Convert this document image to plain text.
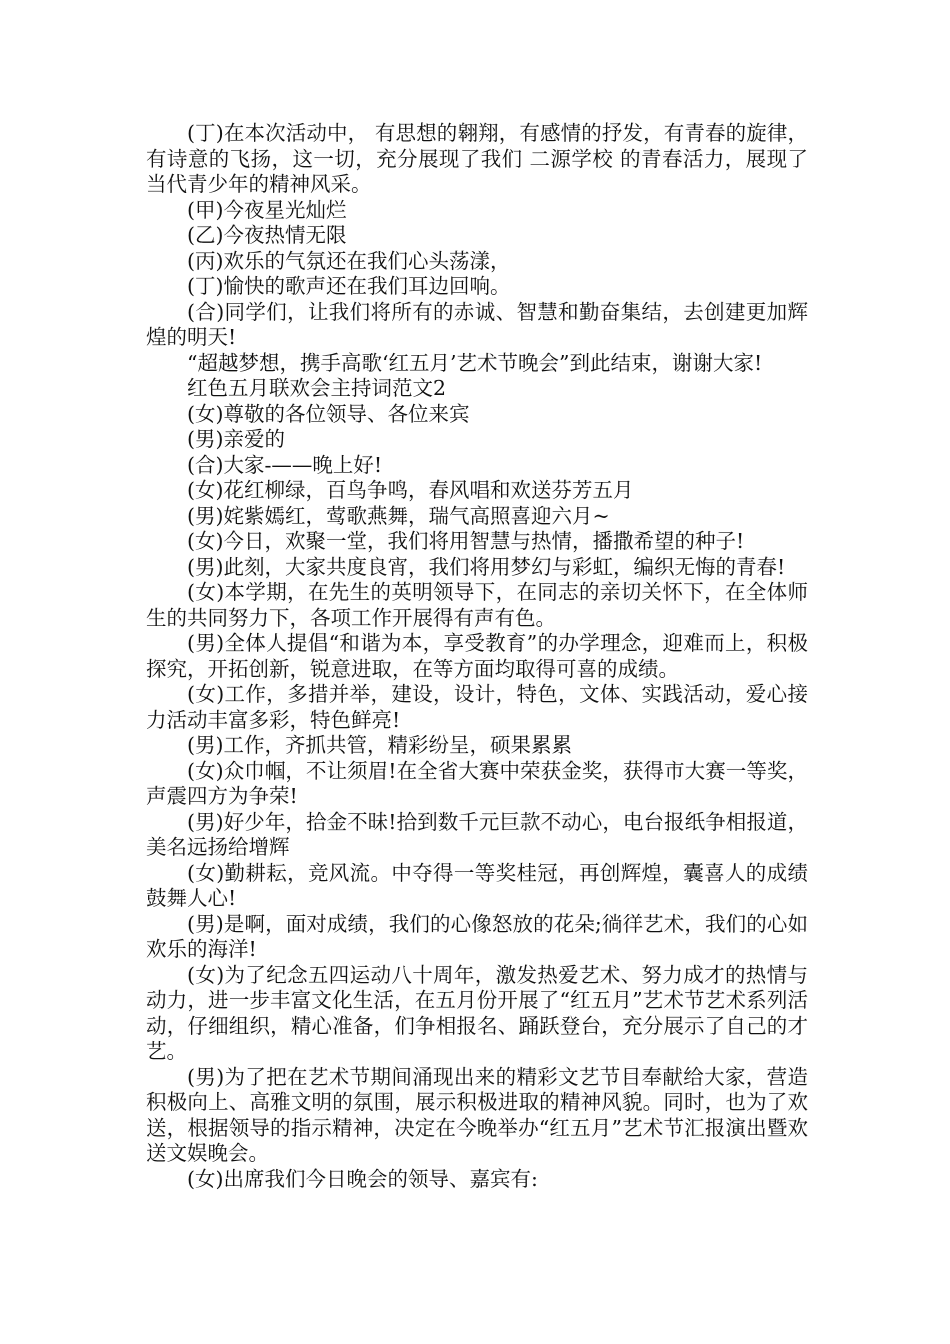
(丁)在本次活动中， 有思想的翱翔，有感情的抒发，有青春的旋律，有诗意的飞扬，这一切，充分展现了我们 二源学校 的青春活力，展现了当代青少年的精神风采。

(甲)今夜星光灿烂

(乙)今夜热情无限

(丙)欢乐的气氛还在我们心头荡漾，

(丁)愉快的歌声还在我们耳边回响。

(合)同学们，让我们将所有的赤诚、智慧和勤奋集结，去创建更加辉煌的明天!

“超越梦想，携手高歌‘红五月’艺术节晚会”到此结束，谢谢大家!

红色五月联欢会主持词范文2

(女)尊敬的各位领导、各位来宾

(男)亲爱的

(合)大家-——晚上好!

(女)花红柳绿，百鸟争鸣，春风唱和欢送芬芳五月

(男)姹紫嫣红，莺歌燕舞，瑞气高照喜迎六月~

(女)今日，欢聚一堂，我们将用智慧与热情，播撒希望的种子!

(男)此刻，大家共度良宵，我们将用梦幻与彩虹，编织无悔的青春!

(女)本学期，在先生的英明领导下，在同志的亲切关怀下，在全体师生的共同努力下，各项工作开展得有声有色。

(男)全体人提倡“和谐为本，享受教育”的办学理念，迎难而上，积极探究，开拓创新，锐意进取，在等方面均取得可喜的成绩。

(女)工作，多措并举，建设，设计，特色，文体、实践活动，爱心接力活动丰富多彩，特色鲜亮!

(男)工作，齐抓共管，精彩纷呈，硕果累累

(女)众巾帼，不让须眉!在全省大赛中荣获金奖，获得市大赛一等奖，声震四方为争荣!

(男)好少年，拾金不昧!拾到数千元巨款不动心，电台报纸争相报道，美名远扬给增辉

(女)勤耕耘，竞风流。中夺得一等奖桂冠，再创辉煌，囊喜人的成绩鼓舞人心!

(男)是啊，面对成绩，我们的心像怒放的花朵;徜徉艺术，我们的心如欢乐的海洋!

(女)为了纪念五四运动八十周年，激发热爱艺术、努力成才的热情与动力，进一步丰富文化生活，在五月份开展了“红五月”艺术节艺术系列活动，仔细组织，精心准备，们争相报名、踊跃登台，充分展示了自己的才艺。

(男)为了把在艺术节期间涌现出来的精彩文艺节目奉献给大家，营造积极向上、高雅文明的氛围，展示积极进取的精神风貌。同时，也为了欢送，根据领导的指示精神，决定在今晚举办“红五月”艺术节汇报演出暨欢送文娱晚会。

(女)出席我们今日晚会的领导、嘉宾有:
